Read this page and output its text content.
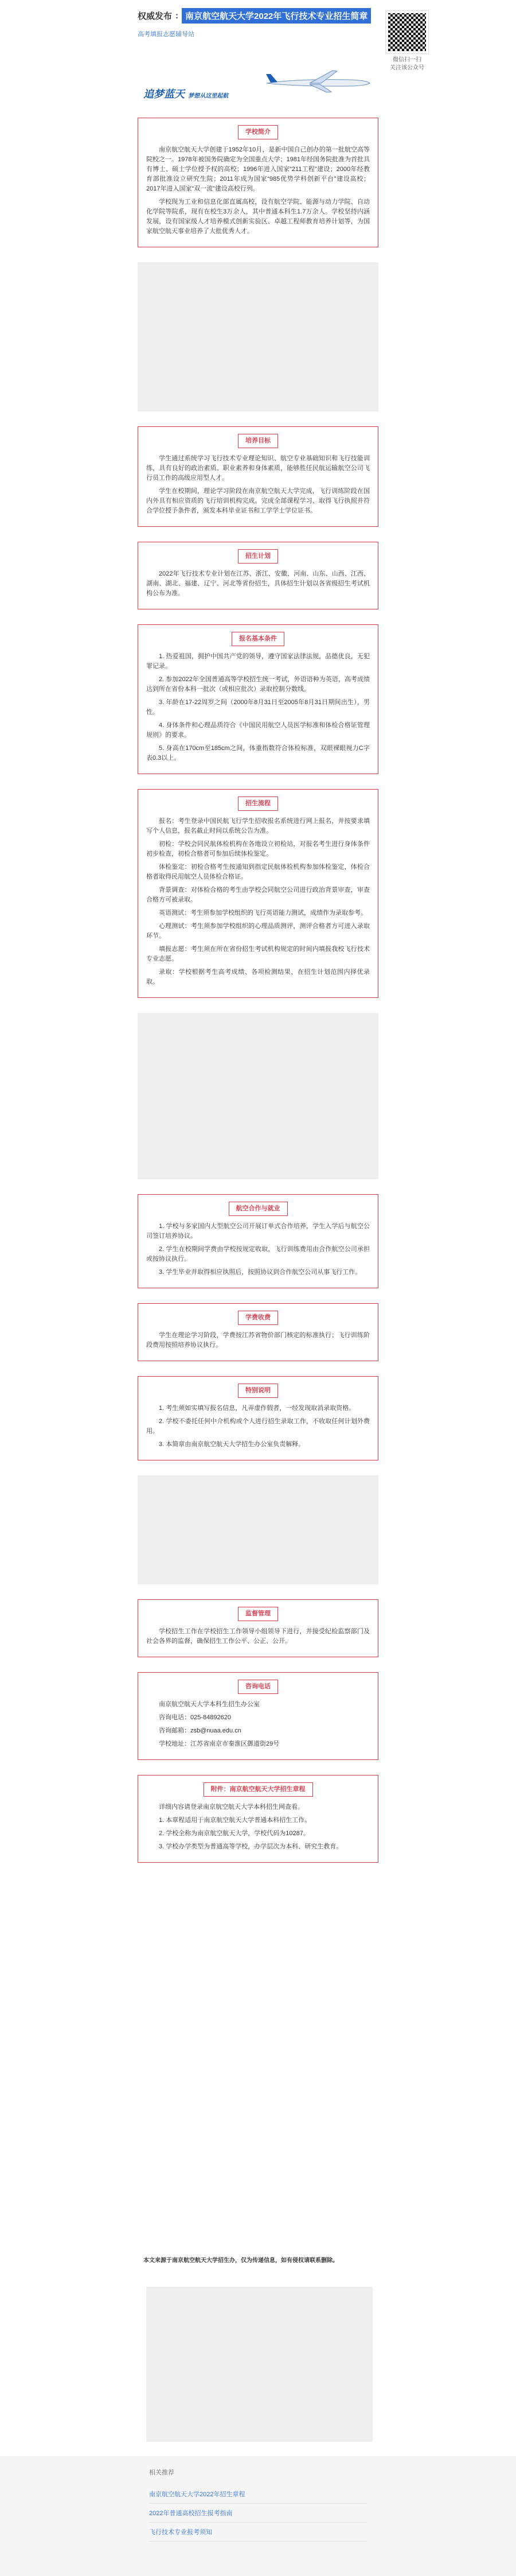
权威发布 : 南京航空航天大学2022年飞行技术专业招生简章
高考填报志愿辅导站
微信扫一扫
关注该公众号
追梦蓝天 梦想从这里起航
学校简介

南京航空航天大学创建于1952年10月，是新中国自己创办的第一批航空高等院校之一。1978年被国务院确定为全国重点大学；1981年经国务院批准为首批具有博士、硕士学位授予权的高校；1996年进入国家“211工程”建设；2000年经教育部批准设立研究生院；2011年成为国家“985优势学科创新平台”建设高校；2017年进入国家“双一流”建设高校行列。

学校现为工业和信息化部直属高校，设有航空学院、能源与动力学院、自动化学院等院系，现有在校生3万余人，其中普通本科生1.7万余人。学校坚持内涵发展，设有国家级人才培养模式创新实验区、卓越工程师教育培养计划等，为国家航空航天事业培养了大批优秀人才。

培养目标

学生通过系统学习飞行技术专业理论知识、航空专业基础知识和飞行技能训练，具有良好的政治素质、职业素养和身体素质，能够胜任民航运输航空公司飞行员工作的高级应用型人才。

学生在校期间，理论学习阶段在南京航空航天大学完成，飞行训练阶段在国内外具有相应资质的飞行培训机构完成。完成全部课程学习、取得飞行执照并符合学位授予条件者，颁发本科毕业证书和工学学士学位证书。

招生计划

2022年飞行技术专业计划在江苏、浙江、安徽、河南、山东、山西、江西、湖南、湖北、福建、辽宁、河北等省份招生，具体招生计划以各省级招生考试机构公布为准。

报名基本条件

1. 热爱祖国，拥护中国共产党的领导，遵守国家法律法规，品德优良，无犯罪记录。

2. 参加2022年全国普通高等学校招生统一考试，外语语种为英语，高考成绩达到所在省份本科一批次（或相应批次）录取控制分数线。

3. 年龄在17-22周岁之间（2000年8月31日至2005年8月31日期间出生），男性。

4. 身体条件和心理品质符合《中国民用航空人员医学标准和体检合格证管理规则》的要求。

5. 身高在170cm至185cm之间，体重指数符合体检标准，双眼裸眼视力C字表0.3以上。

招生流程

报名：考生登录中国民航飞行学生招收报名系统进行网上报名，并按要求填写个人信息，报名截止时间以系统公告为准。

初检：学校会同民航体检机构在各地设立初检站，对报名考生进行身体条件初步检查，初检合格者可参加后续体检鉴定。

体检鉴定：初检合格考生按通知到指定民航体检机构参加体检鉴定，体检合格者取得民用航空人员体检合格证。

背景调查：对体检合格的考生由学校会同航空公司进行政治背景审查，审查合格方可被录取。

英语测试：考生须参加学校组织的飞行英语能力测试，成绩作为录取参考。

心理测试：考生须参加学校组织的心理品质测评，测评合格者方可进入录取环节。

填报志愿：考生须在所在省份招生考试机构规定的时间内填报我校飞行技术专业志愿。

录取：学校根据考生高考成绩、各项检测结果，在招生计划范围内择优录取。

航空合作与就业

1. 学校与多家国内大型航空公司开展订单式合作培养，学生入学后与航空公司签订培养协议。

2. 学生在校期间学费由学校按规定收取，飞行训练费用由合作航空公司承担或按协议执行。

3. 学生毕业并取得相应执照后，按照协议到合作航空公司从事飞行工作。

学费收费

学生在理论学习阶段，学费按江苏省物价部门核定的标准执行；飞行训练阶段费用按照培养协议执行。

特别说明

1. 考生须如实填写报名信息，凡弄虚作假者，一经发现取消录取资格。

2. 学校不委托任何中介机构或个人进行招生录取工作，不收取任何计划外费用。

3. 本简章由南京航空航天大学招生办公室负责解释。

监督管理

学校招生工作在学校招生工作领导小组领导下进行，并接受纪检监察部门及社会各界的监督，确保招生工作公平、公正、公开。

咨询电话

南京航空航天大学本科生招生办公室

咨询电话：025-84892620

咨询邮箱：zsb@nuaa.edu.cn

学校地址：江苏省南京市秦淮区御道街29号

附件：南京航空航天大学招生章程

详细内容请登录南京航空航天大学本科招生网查看。

1. 本章程适用于南京航空航天大学普通本科招生工作。

2. 学校全称为南京航空航天大学，学校代码为10287。

3. 学校办学类型为普通高等学校，办学层次为本科、研究生教育。

本文来源于南京航空航天大学招生办，仅为传递信息，如有侵权请联系删除。
相关推荐
南京航空航天大学2022年招生章程
2022年普通高校招生报考指南
飞行技术专业报考须知
